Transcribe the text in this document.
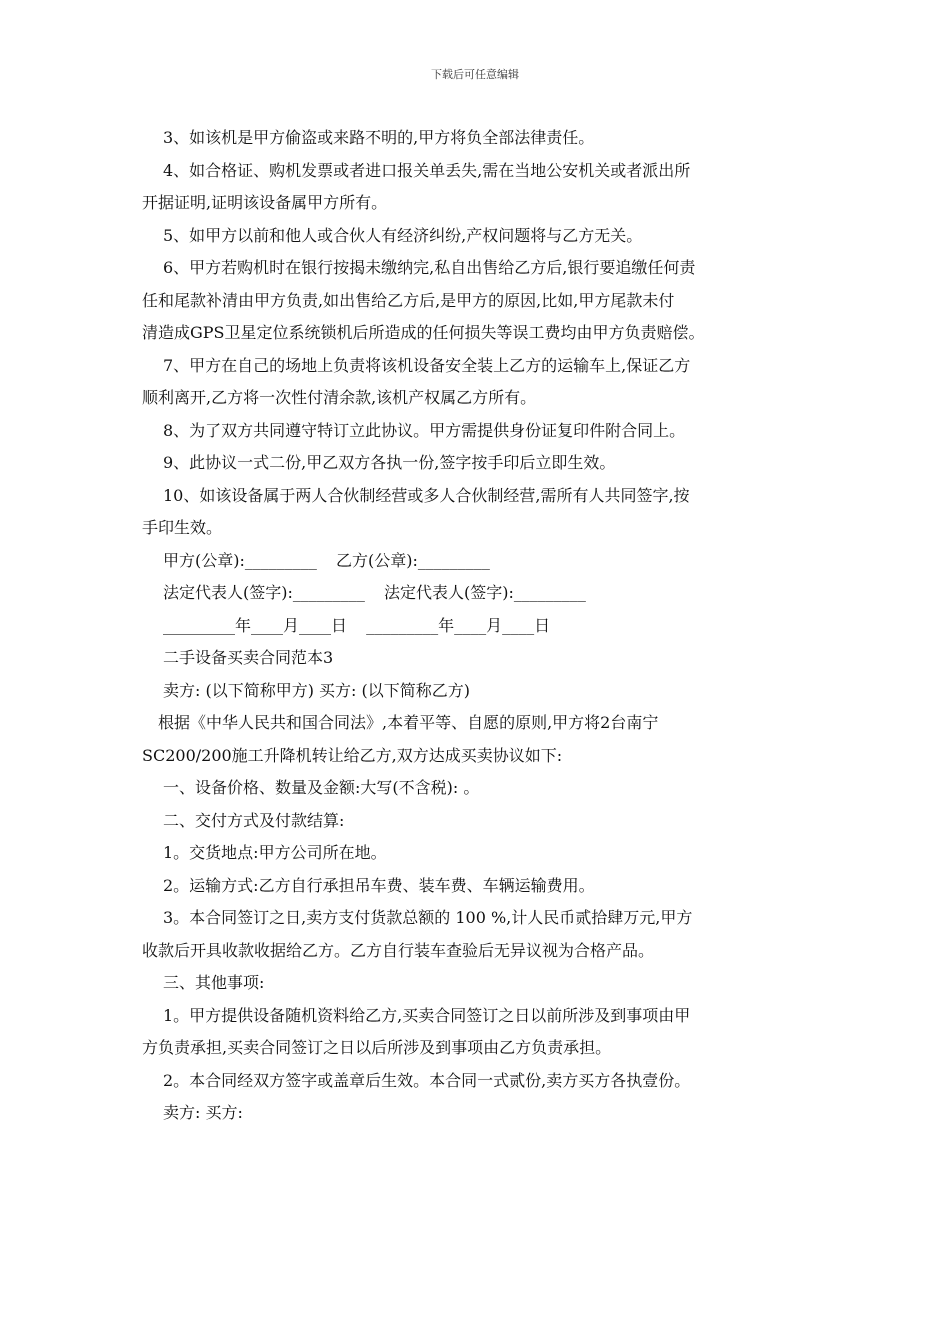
下载后可任意编辑

3、如该机是甲方偷盗或来路不明的,甲方将负全部法律责任。

4、如合格证、购机发票或者进口报关单丢失,需在当地公安机关或者派出所

开据证明,证明该设备属甲方所有。

5、如甲方以前和他人或合伙人有经济纠纷,产权问题将与乙方无关。

6、甲方若购机时在银行按揭未缴纳完,私自出售给乙方后,银行要追缴任何责

任和尾款补清由甲方负责,如出售给乙方后,是甲方的原因,比如,甲方尾款未付

清造成GPS卫星定位系统锁机后所造成的任何损失等误工费均由甲方负责赔偿。

7、甲方在自己的场地上负责将该机设备安全装上乙方的运输车上,保证乙方

顺利离开,乙方将一次性付清余款,该机产权属乙方所有。

8、为了双方共同遵守特订立此协议。甲方需提供身份证复印件附合同上。

9、此协议一式二份,甲乙双方各执一份,签字按手印后立即生效。

10、如该设备属于两人合伙制经营或多人合伙制经营,需所有人共同签字,按

手印生效。

甲方(公章):_________ 乙方(公章):_________

法定代表人(签字):_________ 法定代表人(签字):_________

_________年____月____日 _________年____月____日

二手设备买卖合同范本3

卖方: (以下简称甲方) 买方: (以下简称乙方)

根据《中华人民共和国合同法》,本着平等、自愿的原则,甲方将2台南宁

SC200/200施工升降机转让给乙方,双方达成买卖协议如下:

一、设备价格、数量及金额:大写(不含税): 。

二、交付方式及付款结算:

1。交货地点:甲方公司所在地。

2。运输方式:乙方自行承担吊车费、装车费、车辆运输费用。

3。本合同签订之日,卖方支付货款总额的 100 %,计人民币贰拾肆万元,甲方

收款后开具收款收据给乙方。乙方自行装车查验后无异议视为合格产品。

三、其他事项:

1。甲方提供设备随机资料给乙方,买卖合同签订之日以前所涉及到事项由甲

方负责承担,买卖合同签订之日以后所涉及到事项由乙方负责承担。

2。本合同经双方签字或盖章后生效。本合同一式贰份,卖方买方各执壹份。

卖方: 买方:
